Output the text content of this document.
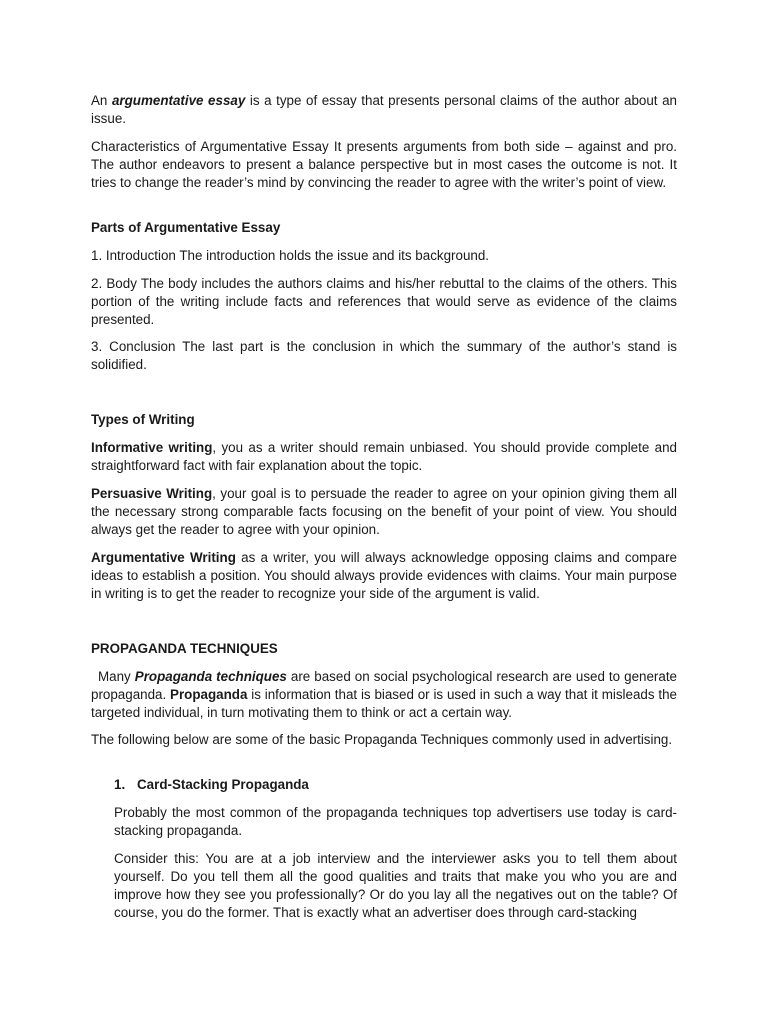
An argumentative essay is a type of essay that presents personal claims of the author about an issue.

Characteristics of Argumentative Essay It presents arguments from both side – against and pro. The author endeavors to present a balance perspective but in most cases the outcome is not. It tries to change the reader’s mind by convincing the reader to agree with the writer’s point of view.

Parts of Argumentative Essay

1. Introduction The introduction holds the issue and its background.

2. Body The body includes the authors claims and his/her rebuttal to the claims of the others. This portion of the writing include facts and references that would serve as evidence of the claims presented.

3. Conclusion The last part is the conclusion in which the summary of the author’s stand is solidified.

Types of Writing

Informative writing, you as a writer should remain unbiased. You should provide complete and straightforward fact with fair explanation about the topic.

Persuasive Writing, your goal is to persuade the reader to agree on your opinion giving them all the necessary strong comparable facts focusing on the benefit of your point of view. You should always get the reader to agree with your opinion.

Argumentative Writing as a writer, you will always acknowledge opposing claims and compare ideas to establish a position. You should always provide evidences with claims. Your main purpose in writing is to get the reader to recognize your side of the argument is valid.

PROPAGANDA TECHNIQUES

Many Propaganda techniques are based on social psychological research are used to generate propaganda. Propaganda is information that is biased or is used in such a way that it misleads the targeted individual, in turn motivating them to think or act a certain way.

The following below are some of the basic Propaganda Techniques commonly used in advertising.

1. Card-Stacking Propaganda

Probably the most common of the propaganda techniques top advertisers use today is card-stacking propaganda.

Consider this: You are at a job interview and the interviewer asks you to tell them about yourself. Do you tell them all the good qualities and traits that make you who you are and improve how they see you professionally? Or do you lay all the negatives out on the table? Of course, you do the former. That is exactly what an advertiser does through card-stacking
